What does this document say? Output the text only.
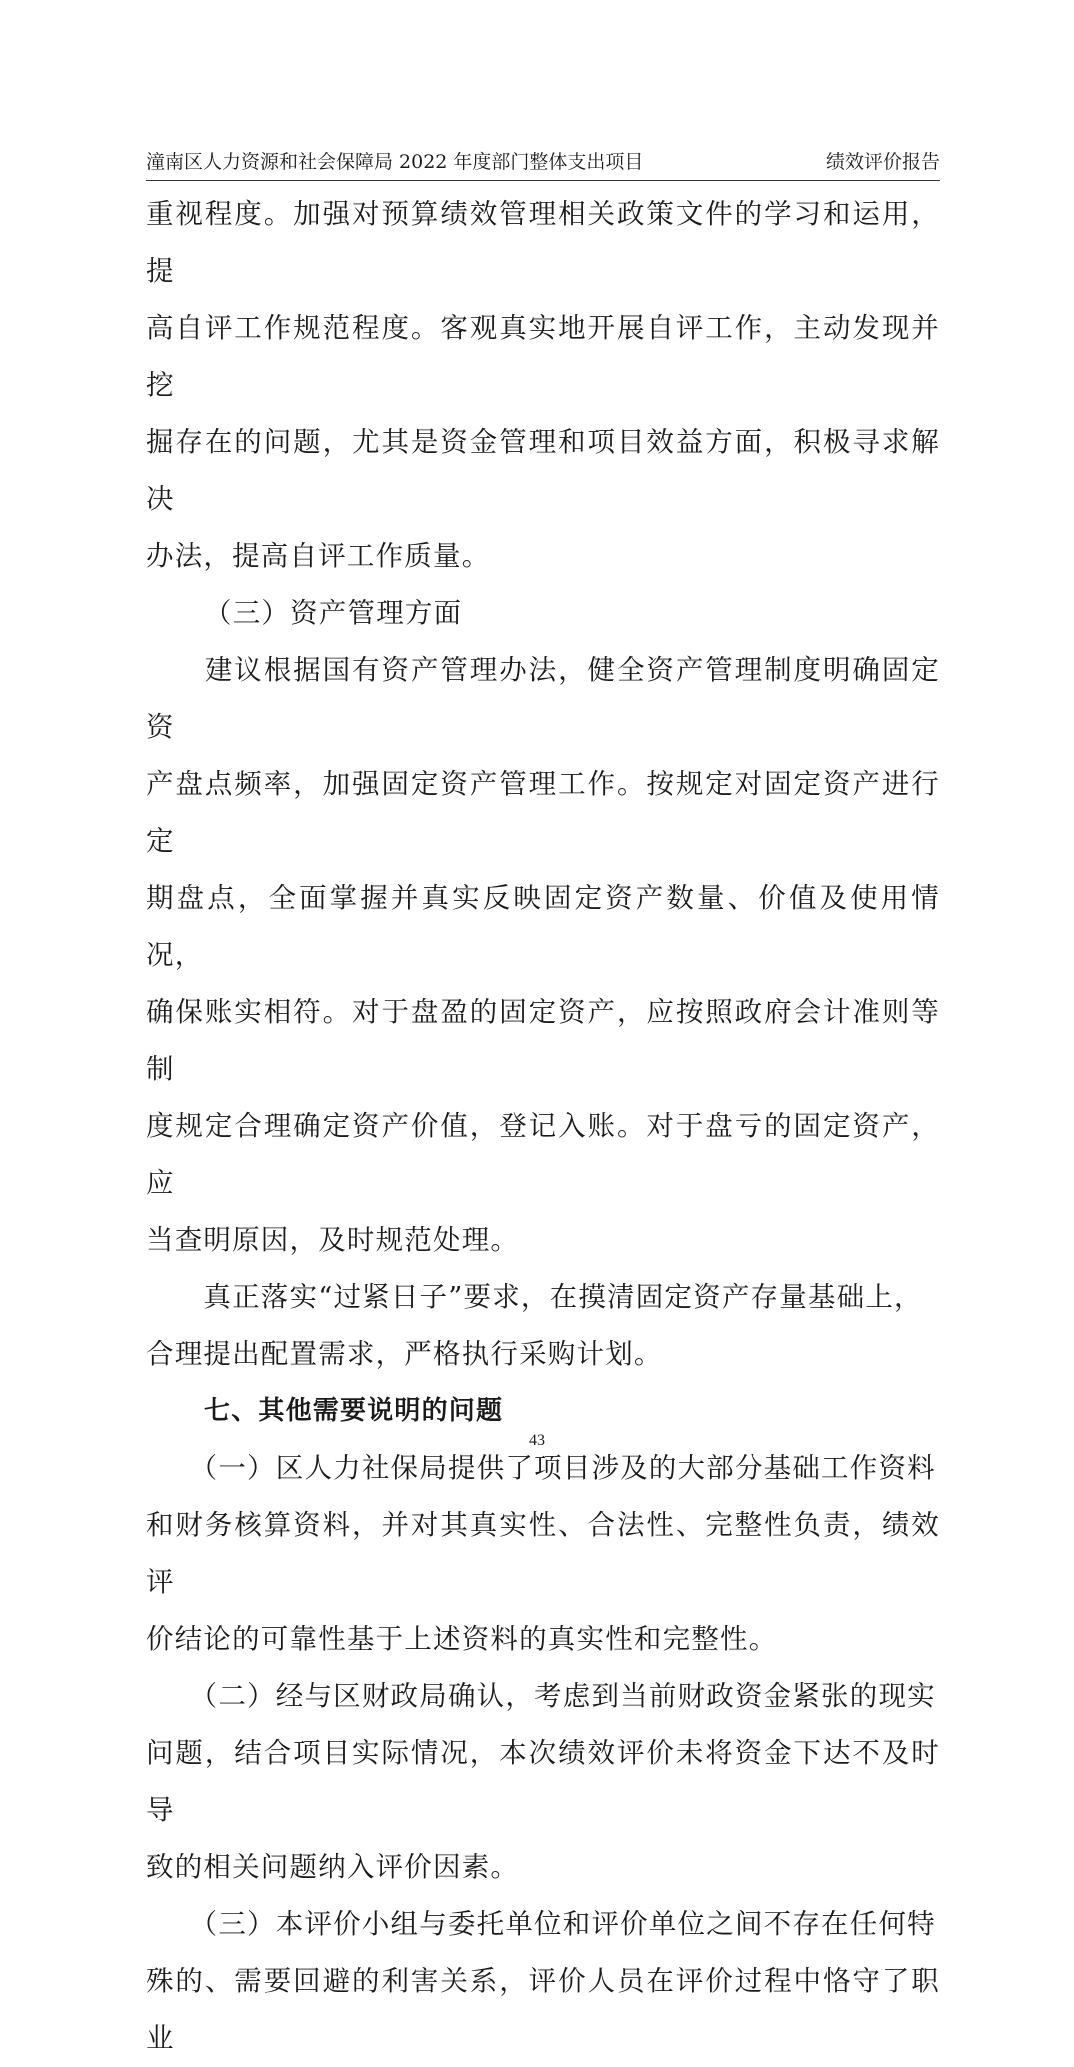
潼南区人力资源和社会保障局 2022 年度部门整体支出项目	绩效评价报告

重视程度。加强对预算绩效管理相关政策文件的学习和运用，提
高自评工作规范程度。客观真实地开展自评工作，主动发现并挖
掘存在的问题，尤其是资金管理和项目效益方面，积极寻求解决
办法，提高自评工作质量。

（三）资产管理方面

　　建议根据国有资产管理办法，健全资产管理制度明确固定资
产盘点频率，加强固定资产管理工作。按规定对固定资产进行定
期盘点，全面掌握并真实反映固定资产数量、价值及使用情况，
确保账实相符。对于盘盈的固定资产，应按照政府会计准则等制
度规定合理确定资产价值，登记入账。对于盘亏的固定资产，应
当查明原因，及时规范处理。

　　真正落实“过紧日子”要求，在摸清固定资产存量基础上，
合理提出配置需求，严格执行采购计划。

七、其他需要说明的问题

　　（一）区人力社保局提供了项目涉及的大部分基础工作资料
和财务核算资料，并对其真实性、合法性、完整性负责，绩效评
价结论的可靠性基于上述资料的真实性和完整性。

　　（二）经与区财政局确认，考虑到当前财政资金紧张的现实
问题，结合项目实际情况，本次绩效评价未将资金下达不及时导
致的相关问题纳入评价因素。

　　（三）本评价小组与委托单位和评价单位之间不存在任何特
殊的、需要回避的利害关系，评价人员在评价过程中恪守了职业

43
